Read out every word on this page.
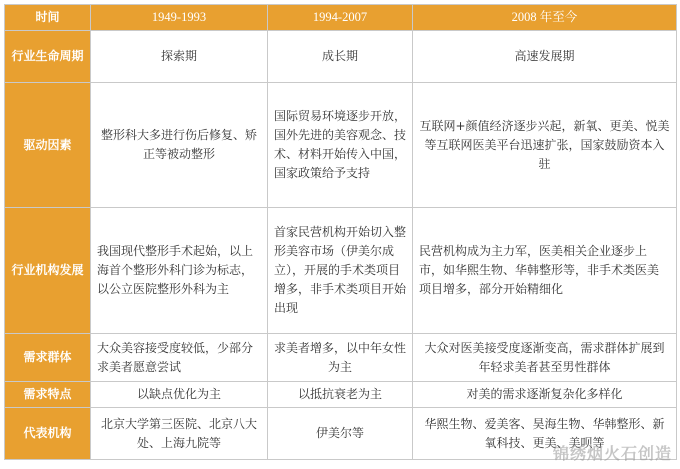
时间	1949-1993	1994-2007	2008 年至今
行业生命周期	探索期	成长期	高速发展期
驱动因素	整形科大多进行伤后修复、矫正等被动整形	国际贸易环境逐步开放，国外先进的美容观念、技术、材料开始传入中国，国家政策给予支持	互联网+颜值经济逐步兴起，新氧、更美、悦美等互联网医美平台迅速扩张，国家鼓励资本入驻
行业机构发展	我国现代整形手术起始，以上海首个整形外科门诊为标志，以公立医院整形外科为主	首家民营机构开始切入整形美容市场（伊美尔成立），开展的手术类项目增多，非手术类项目开始出现	民营机构成为主力军，医美相关企业逐步上市，如华熙生物、华韩整形等，非手术类医美项目增多，部分开始精细化
需求群体	大众美容接受度较低，少部分求美者愿意尝试	求美者增多，以中年女性为主	大众对医美接受度逐渐变高，需求群体扩展到年轻求美者甚至男性群体
需求特点	以缺点优化为主	以抵抗衰老为主	对美的需求逐渐复杂化多样化
代表机构	北京大学第三医院、北京八大处、上海九院等	伊美尔等	华熙生物、爱美客、昊海生物、华韩整形、新氧科技、更美、美呗等
锦绣烟火石创造
